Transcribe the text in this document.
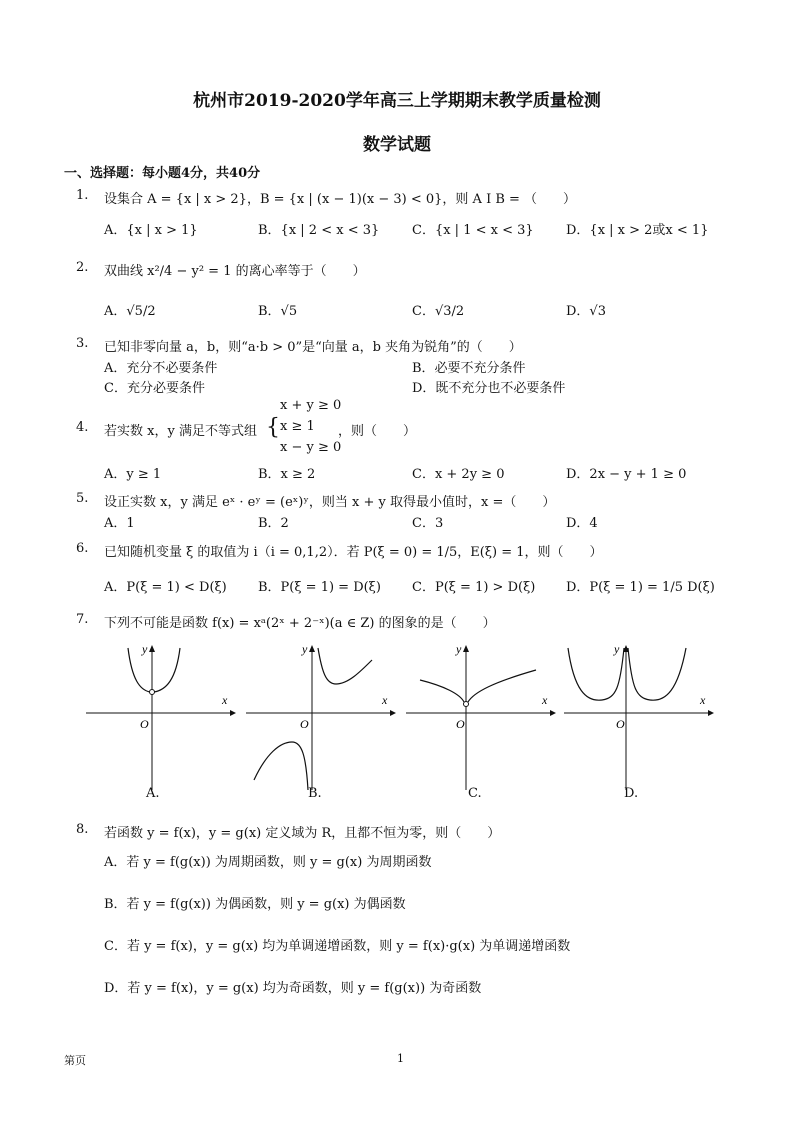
杭州市2019-2020学年高三上学期期末教学质量检测
数学试题
一、选择题：每小题4分，共40分
1. 设集合 A = {x | x > 2}，B = {x | (x − 1)(x − 3) < 0}，则 A I B = （　　）
A．{x | x > 1}	B．{x | 2 < x < 3}	C．{x | 1 < x < 3} D．{x | x > 2或x < 1}
2. 双曲线 x²/4 − y² = 1 的离心率等于（　　）
A．√5/2	B．√5	C．√3/2	D．√3
3. 已知非零向量 a，b，则“a·b > 0”是“向量 a，b 夹角为锐角”的（　　）
A．充分不必要条件	B．必要不充分条件
C．充分必要条件	D．既不充分也不必要条件
4. 若实数 x，y 满足不等式组 {
x + y ≥ 0
x ≥ 1
x − y ≥ 0
，则（　　）
A．y ≥ 1	B．x ≥ 2	C．x + 2y ≥ 0	D．2x − y + 1 ≥ 0
5. 设正实数 x，y 满足 eˣ · eʸ = (eˣ)ʸ，则当 x + y 取得最小值时，x =（　　）
A．1	B．2	C．3	D．4
6. 已知随机变量 ξ 的取值为 i（i = 0,1,2）．若 P(ξ = 0) = 1/5，E(ξ) = 1，则（　　）
A．P(ξ = 1) < D(ξ) B．P(ξ = 1) = D(ξ) C．P(ξ = 1) > D(ξ) D．P(ξ = 1) = 1/5 D(ξ)
7. 下列不可能是函数 f(x) = xᵃ(2ˣ + 2⁻ˣ)(a ∈ Z) 的图象的是（　　）
x
y
O
A.
x
y
O
B.
x
y
O
C.
x
y
O
D.
8. 若函数 y = f(x)，y = g(x) 定义域为 R，且都不恒为零，则（　　）
A．若 y = f(g(x)) 为周期函数，则 y = g(x) 为周期函数
B．若 y = f(g(x)) 为偶函数，则 y = g(x) 为偶函数
C．若 y = f(x)，y = g(x) 均为单调递增函数，则 y = f(x)·g(x) 为单调递增函数
D．若 y = f(x)，y = g(x) 均为奇函数，则 y = f(g(x)) 为奇函数
第页	1
